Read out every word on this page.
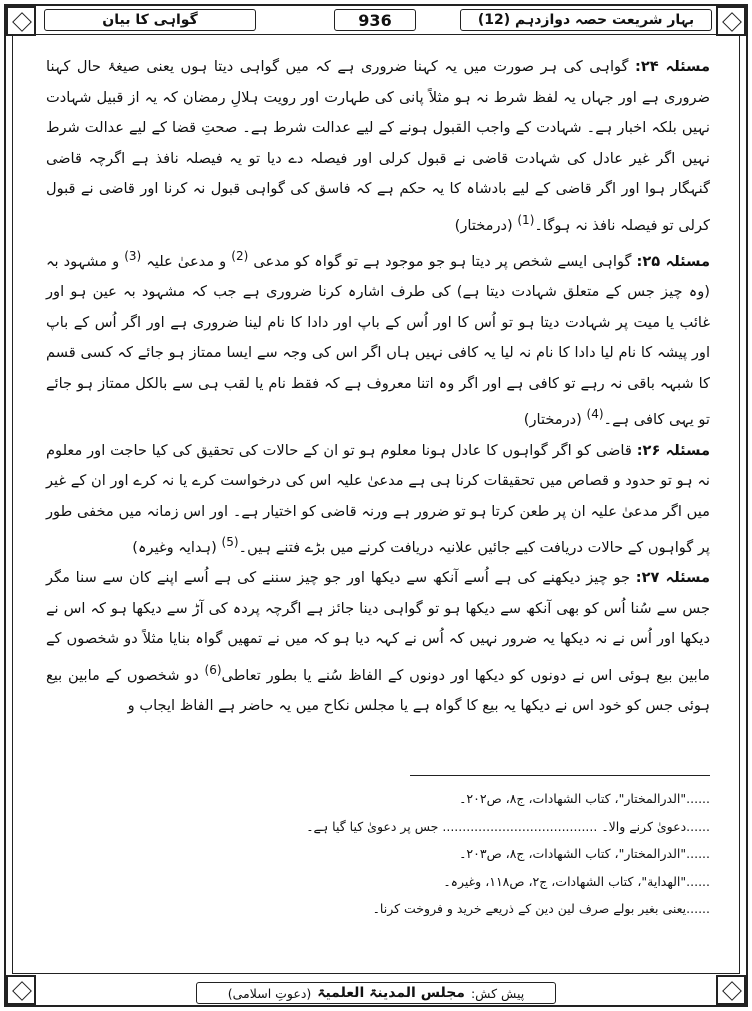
بہار شریعت حصہ دوازدہم (12)
936
گواہی کا بیان

مسئلہ ۲۴: گواہی کی ہر صورت میں یہ کہنا ضروری ہے کہ میں گواہی دیتا ہوں یعنی صیغۂ حال کہنا ضروری ہے اور جہاں یہ لفظ شرط نہ ہو مثلاً پانی کی طہارت اور رویت ہلالِ رمضان کہ یہ از قبیل شہادت نہیں بلکہ اخبار ہے۔ شہادت کے واجب القبول ہونے کے لیے عدالت شرط ہے۔ صحتِ قضا کے لیے عدالت شرط نہیں اگر غیر عادل کی شہادت قاضی نے قبول کرلی اور فیصلہ دے دیا تو یہ فیصلہ نافذ ہے اگرچہ قاضی گنہگار ہوا اور اگر قاضی کے لیے بادشاہ کا یہ حکم ہے کہ فاسق کی گواہی قبول نہ کرنا اور قاضی نے قبول کرلی تو فیصلہ نافذ نہ ہوگا۔$^{(1)}$ (درمختار)

مسئلہ ۲۵: گواہی ایسے شخص پر دیتا ہو جو موجود ہے تو گواہ کو مدعی $^{(2)}$ و مدعیٰ علیہ $^{(3)}$ و مشہود بہ (وہ چیز جس کے متعلق شہادت دیتا ہے) کی طرف اشارہ کرنا ضروری ہے جب کہ مشہود بہ عین ہو اور غائب یا میت پر شہادت دیتا ہو تو اُس کا اور اُس کے باپ اور دادا کا نام لینا ضروری ہے اور اگر اُس کے باپ اور پیشہ کا نام لیا دادا کا نام نہ لیا یہ کافی نہیں ہاں اگر اس کی وجہ سے ایسا ممتاز ہو جائے کہ کسی قسم کا شبہہ باقی نہ رہے تو کافی ہے اور اگر وہ اتنا معروف ہے کہ فقط نام یا لقب ہی سے بالکل ممتاز ہو جائے تو یہی کافی ہے۔$^{(4)}$ (درمختار)

مسئلہ ۲۶: قاضی کو اگر گواہوں کا عادل ہونا معلوم ہو تو ان کے حالات کی تحقیق کی کیا حاجت اور معلوم نہ ہو تو حدود و قصاص میں تحقیقات کرنا ہی ہے مدعیٰ علیہ اس کی درخواست کرے یا نہ کرے اور ان کے غیر میں اگر مدعیٰ علیہ ان پر طعن کرتا ہو تو ضرور ہے ورنہ قاضی کو اختیار ہے۔ اور اس زمانہ میں مخفی طور پر گواہوں کے حالات دریافت کیے جائیں علانیہ دریافت کرنے میں بڑے فتنے ہیں۔$^{(5)}$ (ہدایہ وغیرہ)

مسئلہ ۲۷: جو چیز دیکھنے کی ہے اُسے آنکھ سے دیکھا اور جو چیز سننے کی ہے اُسے اپنے کان سے سنا مگر جس سے سُنا اُس کو بھی آنکھ سے دیکھا ہو تو گواہی دینا جائز ہے اگرچہ پردہ کی آڑ سے دیکھا ہو کہ اس نے دیکھا اور اُس نے نہ دیکھا یہ ضرور نہیں کہ اُس نے کہہ دیا ہو کہ میں نے تمھیں گواہ بنایا مثلاً دو شخصوں کے مابین بیع ہوئی اس نے دونوں کو دیکھا اور دونوں کے الفاظ سُنے یا بطور تعاطی$^{(6)}$ دو شخصوں کے مابین بیع ہوئی جس کو خود اس نے دیکھا یہ بیع کا گواہ ہے یا مجلس نکاح میں یہ حاضر ہے الفاظ ایجاب و

......"الدرالمختار"، کتاب الشهادات، ج۸، ص۲۰۲۔
......دعویٰ کرنے والا۔ ....................................... جس پر دعویٰ کیا گیا ہے۔
......"الدرالمختار"، کتاب الشهادات، ج۸، ص۲۰۳۔
......"الهداية"، کتاب الشهادات، ج۲، ص۱۱۸، وغیرہ۔
......یعنی بغیر بولے صرف لین دین کے ذریعے خرید و فروخت کرنا۔
پیش کش:
مجلس المدینۃ العلمیۃ
(دعوتِ اسلامی)
